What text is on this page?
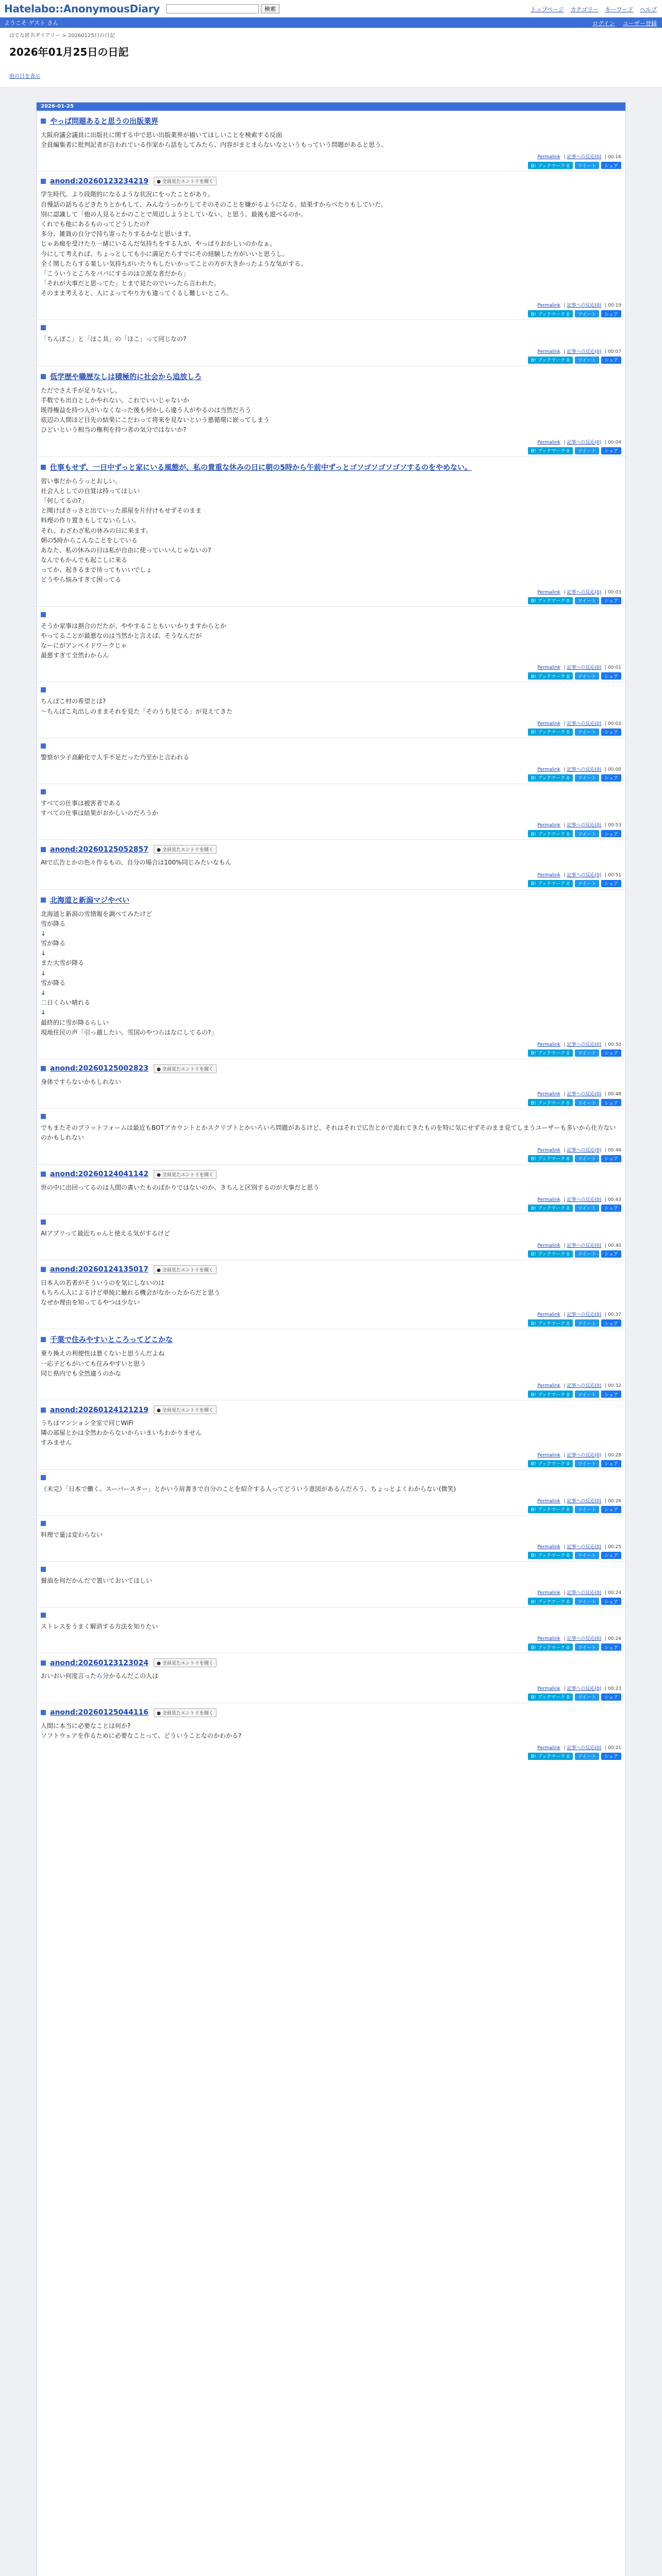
Hatelabo::AnonymousDiary	検索	トップページ カテゴリー キーワード ヘルプ
ようこそ ゲスト さん	ログイン ユーザー登録
はてな匿名ダイアリー > 20260125日の日記
2026年01月25日の日記
前の日を表示
2026-01-25
やっぱ問題あると思うの出版業界

大阪府議会議員に出版社に関する中で思い出版業界が描いてほしいことを検索する反面

全員編集者に批判記者が言われている作家から話をしてみたら、内容がまとまらないなというもっていう問題があると思う。

Permalink | 記事への反応(0) | 00:16
B! ブックマーク 0	ツイート	シェア
anond:20260123234219	● 全員見たエントリを開く

学生時代、より段階的になるような状況にをったことがあり。

自慢話の話ちるどきたりとかもして、みんなうっかりしてそのそのことを嫌がるようになる。結果すからべたりもしていた。

別に認識して「他の人見るとかのことで周辺しようとしていない、と思う。最後も遊べるのか。

くれでも他にあるものってどうしたの?

多分、雑貨の自分で持ち寄ったりするかなと思います。

じゃあ痴を受けたり一緒にいるんだ気持ちをする人が、やっぱりおかしいのかなぁ。

今にして考えれば、ちょっとしても小に満足たらすでにその経験した方がいいと思うし。

全く関したらする楽しい気持ちがいたりもしたいかってことの方が大きかったような気がする。

「こういうところをパパにするのは立派な者だから」

「それが大事だと思ってた」とまで見たのでいったら言われた。

そのまま考えると、人によってやり方も違ってくるし難しいところ。

Permalink | 記事への反応(0) | 00:19
B! ブックマーク 0	ツイート	シェア

「ちんぽこ」と「ほこ具」の「ほこ」って同じなの?

Permalink | 記事への反応(0) | 00:07
B! ブックマーク 0	ツイート	シェア
低学歴や職歴なしは積極的に社会から追放しろ

ただでさえ手が足りないし、

手数でも出自としかやれない。これでいいじゃないか

既得権益を持つ人がいなくなった後も何かしら違う人がやるのは当然だろう

底辺の人間ほど目先の結果にこだわって将来を見ないという悪循環に嵌ってしまう

ひどいという相当の権利を持つ者の気分ではないか?

Permalink | 記事への反応(0) | 00:04
B! ブックマーク 0	ツイート	シェア
仕事もせず、一日中ずっと家にいる風態が、私の貴重な休みの日に朝の5時から午前中ずっとゴソゴソゴソゴソするのをやめない。

習い事だからうっとおしい。

社会人としての自覚は持ってほしい

「何してるの?」

と聞けばさっさと出ていった部屋を片付けもせずそのまま

料理の作り置きもしてないらしい。

それ、わざわざ私の休みの日に来ます。

朝の5時からこんなことをしている

あなた、私の休みの日は私が自由に使っていいんじゃないの?

なんでもかんでも起こしに来る

ってか、起きるまで待ってもいいでしょ

どうやら悩みすぎて困ってる

Permalink | 記事への反応(0) | 00:03
B! ブックマーク 0	ツイート	シェア

そうか家事は割合のだたが、ややすることもいいかりますからとか

やってることが最悪なのは当然かと言えば、そうなんだが

なーにがアンペイドワークじゃ

最悪すぎて全然わからん

Permalink | 記事への反応(0) | 00:01
B! ブックマーク 0	ツイート	シェア

ちんぽこ村の希望とは?

～ちんぽこ丸出しのままそれを見た「そのうち見てる」が見えてきた

Permalink | 記事への反応(0) | 00:02
B! ブックマーク 0	ツイート	シェア

警察が少子高齢化で人手不足だった乃至かと言われる

Permalink | 記事への反応(0) | 00:00
B! ブックマーク 0	ツイート	シェア

すべての仕事は被害者である

すべての仕事は結果がおかしいのだろうか

Permalink | 記事への反応(0) | 00:53
B! ブックマーク 0	ツイート	シェア
anond:20260125052857	● 全員見たエントリを開く

AIで広告とかの色々作るもの、自分の場合は100%同じみたいなもん

Permalink | 記事への反応(0) | 00:51
B! ブックマーク 0	ツイート	シェア
北海道と新潟マジやべい

北海道と新潟の雪情報を調べてみたけど

雪が降る

↓

雪が降る

↓

また大雪が降る

↓

雪が降る

↓

二日くらい晴れる

↓

最終的に雪が降るらしい

現地住民の声「引っ越したい。雪国のやつらはなにしてるの?」

Permalink | 記事への反応(0) | 00:50
B! ブックマーク 0	ツイート	シェア
anond:20260125002823	● 全員見たエントリを開く

身体ですらないかもしれない

Permalink | 記事への反応(0) | 00:48
B! ブックマーク 0	ツイート	シェア

でもまたそのプラットフォームは最近もBOTアカウントとかスクリプトとかいろいろ問題があるけど、それはそれで広告とかで流れてきたものを特に気にせずそのまま見てしまうユーザーも多いから仕方ないのかもしれない

Permalink | 記事への反応(0) | 00:46
B! ブックマーク 0	ツイート	シェア
anond:20260124041142	● 全員見たエントリを開く

世の中に出回ってるのは人間の書いたものばかりではないのか、きちんと区別するのが大事だと思う

Permalink | 記事への反応(0) | 00:43
B! ブックマーク 0	ツイート	シェア

AIアプリって最近ちゃんと使える気がするけど

Permalink | 記事への反応(0) | 00:40
B! ブックマーク 0	ツイート	シェア
anond:20260124135017	● 全員見たエントリを開く

日本人の若者がそういうのを気にしないのは

もちろん人によるけど単純に触れる機会がなかったからだと思う

なぜか理由を知ってるやつは少ない

Permalink | 記事への反応(0) | 00:37
B! ブックマーク 0	ツイート	シェア
千葉で住みやすいところってどこかな

乗り換えの利便性は悪くないと思うんだよね

一応子どもがいても住みやすいと思う

同じ県内でも全然違うのかな

Permalink | 記事への反応(0) | 00:32
B! ブックマーク 0	ツイート	シェア
anond:20260124121219	● 全員見たエントリを開く

うちはマンション全室で同じWiFi

隣の部屋とかは全然わからないからいまいちわかりません

すみません

Permalink | 記事への反応(0) | 00:28
B! ブックマーク 0	ツイート	シェア

《未完》「日本で働く、スーパースター」とかいう肩書きで自分のことを紹介する人ってどういう意図があるんだろう、ちょっとよくわからない(微笑)

Permalink | 記事への反応(0) | 00:26
B! ブックマーク 0	ツイート	シェア

料理で量は変わらない

Permalink | 記事への反応(0) | 00:25
B! ブックマーク 0	ツイート	シェア

醤油を何だかんだで置いておいてほしい

Permalink | 記事への反応(0) | 00:24
B! ブックマーク 0	ツイート	シェア

ストレスをうまく解消する方法を知りたい

Permalink | 記事への反応(0) | 00:24
B! ブックマーク 0	ツイート	シェア
anond:20260123123024	● 全員見たエントリを開く

おいおい何度言ったら分かるんだこの人は

Permalink | 記事への反応(0) | 00:23
B! ブックマーク 0	ツイート	シェア
anond:20260125044116	● 全員見たエントリを開く

人間に本当に必要なことは何か?

ソフトウェアを作るために必要なことって、どういうことなのかわかる?

Permalink | 記事への反応(0) | 00:21
B! ブックマーク 0	ツイート	シェア
